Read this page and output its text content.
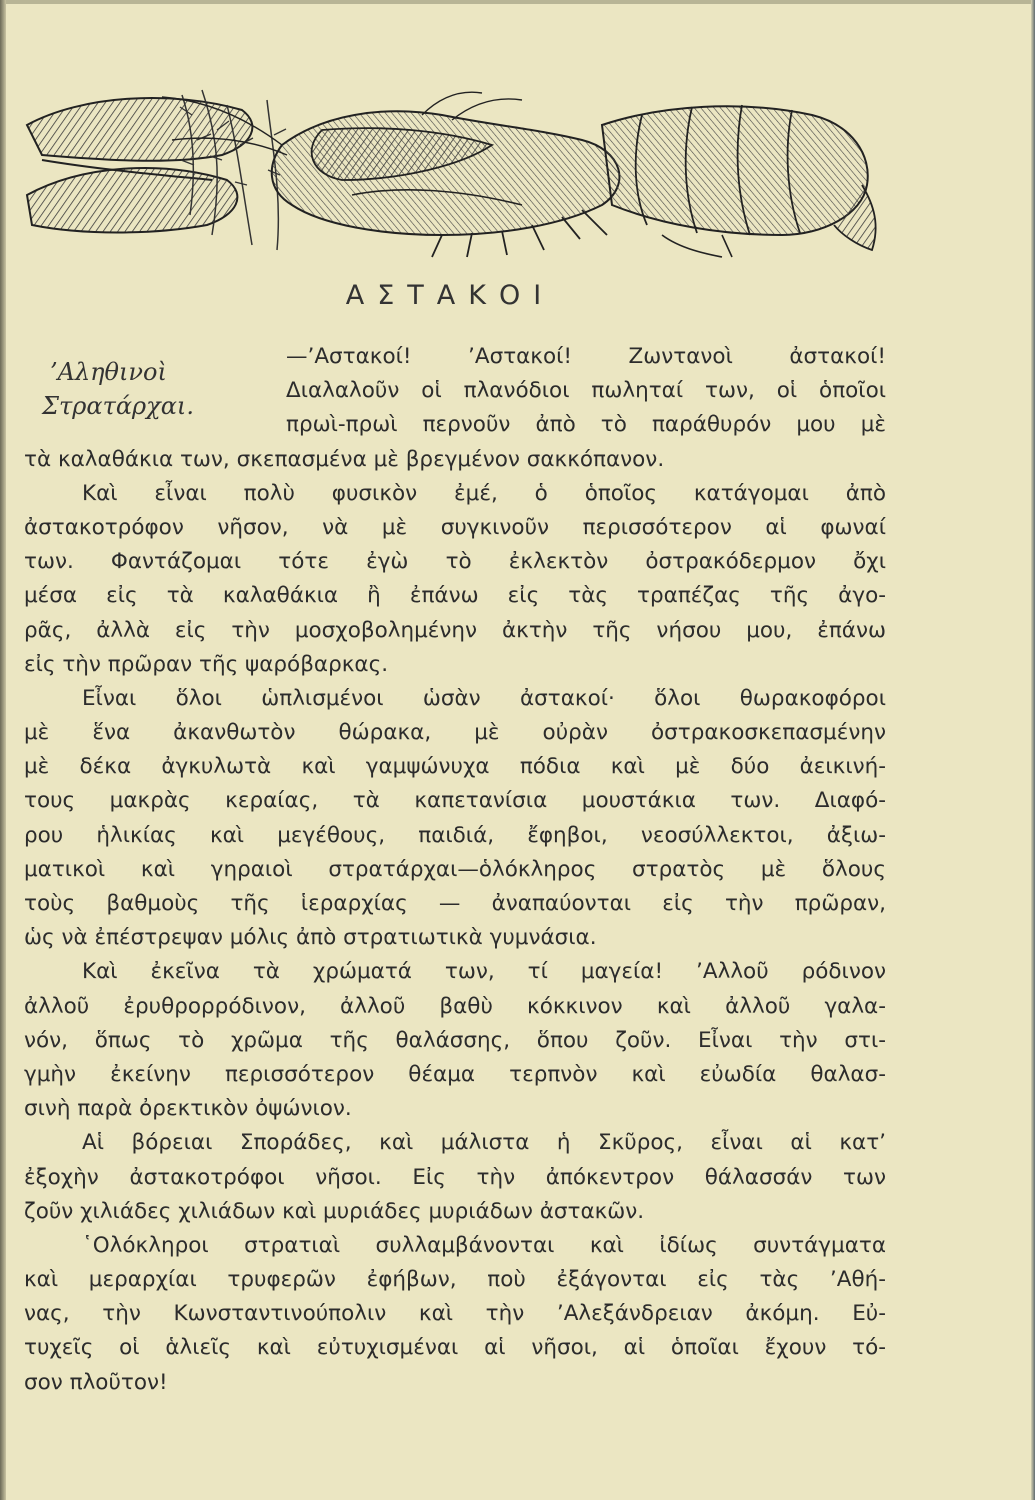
ΑΣΤΑΚΟΙ
’Αληθινοὶ
Στρατάρχαι.
—’Αστακοί! ’Αστακοί! Ζωντανοὶ ἀστακοί!
Διαλαλοῦν οἱ πλανόδιοι πωληταί των, οἱ ὁποῖοι
πρωὶ-πρωὶ περνοῦν ἀπὸ τὸ παράθυρόν μου μὲ
τὰ καλαθάκια των, σκεπασμένα μὲ βρεγμένον σακκόπανον.
Καὶ εἶναι πολὺ φυσικὸν ἐμέ, ὁ ὁποῖος κατάγομαι ἀπὸ
ἀστακοτρόφον νῆσον, νὰ μὲ συγκινοῦν περισσότερον αἱ φωναί
των. Φαντάζομαι τότε ἐγὼ τὸ ἐκλεκτὸν ὀστρακόδερμον ὄχι
μέσα εἰς τὰ καλαθάκια ἢ ἐπάνω εἰς τὰς τραπέζας τῆς ἀγο-
ρᾶς, ἀλλὰ εἰς τὴν μοσχοβολημένην ἀκτὴν τῆς νήσου μου, ἐπάνω
εἰς τὴν πρῶραν τῆς ψαρόβαρκας.
Εἶναι ὅλοι ὡπλισμένοι ὡσὰν ἀστακοί· ὅλοι θωρακοφόροι
μὲ ἕνα ἀκανθωτὸν θώρακα, μὲ οὐρὰν ὀστρακοσκεπασμένην
μὲ δέκα ἀγκυλωτὰ καὶ γαμψώνυχα πόδια καὶ μὲ δύο ἀεικινή-
τους μακρὰς κεραίας, τὰ καπετανίσια μουστάκια των. Διαφό-
ρου ἡλικίας καὶ μεγέθους, παιδιά, ἔφηβοι, νεοσύλλεκτοι, ἀξιω-
ματικοὶ καὶ γηραιοὶ στρατάρχαι—ὁλόκληρος στρατὸς μὲ ὅλους
τοὺς βαθμοὺς τῆς ἱεραρχίας — ἀναπαύονται εἰς τὴν πρῶραν,
ὡς νὰ ἐπέστρεψαν μόλις ἀπὸ στρατιωτικὰ γυμνάσια.
Καὶ ἐκεῖνα τὰ χρώματά των, τί μαγεία! ’Αλλοῦ ρόδινον
ἀλλοῦ ἐρυθρορρόδινον, ἀλλοῦ βαθὺ κόκκινον καὶ ἀλλοῦ γαλα-
νόν, ὅπως τὸ χρῶμα τῆς θαλάσσης, ὅπου ζοῦν. Εἶναι τὴν στι-
γμὴν ἐκείνην περισσότερον θέαμα τερπνὸν καὶ εὐωδία θαλασ-
σινὴ παρὰ ὀρεκτικὸν ὀψώνιον.
Αἱ βόρειαι Σποράδες, καὶ μάλιστα ἡ Σκῦρος, εἶναι αἱ κατ’
ἐξοχὴν ἀστακοτρόφοι νῆσοι. Εἰς τὴν ἀπόκεντρον θάλασσάν των
ζοῦν χιλιάδες χιλιάδων καὶ μυριάδες μυριάδων ἀστακῶν.
῾Ολόκληροι στρατιαὶ συλλαμβάνονται καὶ ἰδίως συντάγματα
καὶ μεραρχίαι τρυφερῶν ἐφήβων, ποὺ ἐξάγονται εἰς τὰς ’Αθή-
νας, τὴν Κωνσταντινούπολιν καὶ τὴν ’Αλεξάνδρειαν ἀκόμη. Εὐ-
τυχεῖς οἱ ἁλιεῖς καὶ εὐτυχισμέναι αἱ νῆσοι, αἱ ὁποῖαι ἔχουν τό-
σον πλοῦτον!
